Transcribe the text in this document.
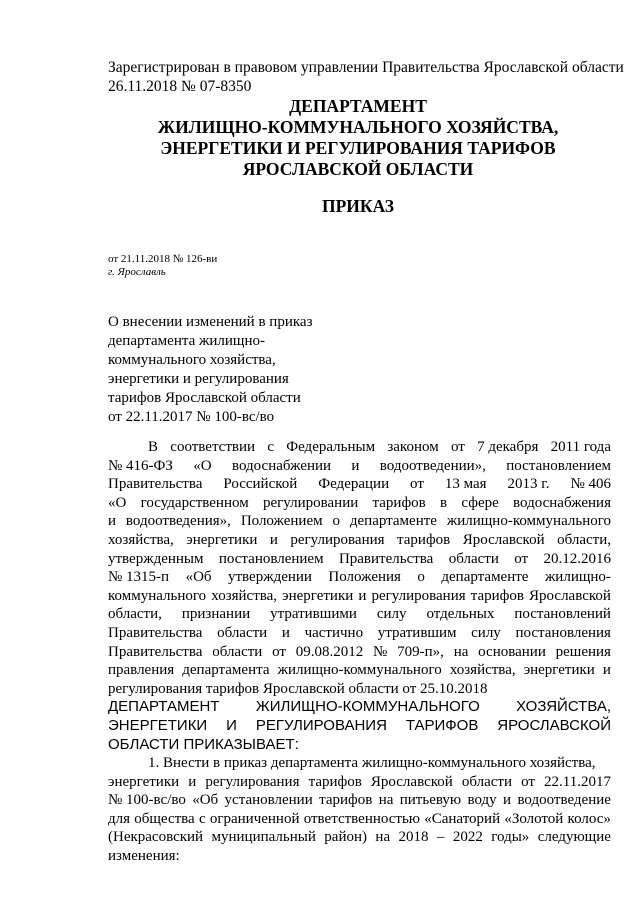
Зарегистрирован в правовом управлении Правительства Ярославской области
26.11.2018 № 07-8350
ДЕПАРТАМЕНТ
ЖИЛИЩНО-КОММУНАЛЬНОГО ХОЗЯЙСТВА,
ЭНЕРГЕТИКИ И РЕГУЛИРОВАНИЯ ТАРИФОВ
ЯРОСЛАВСКОЙ ОБЛАСТИ
ПРИКАЗ
от 21.11.2018 № 126-ви
г. Ярославль
О внесении изменений в приказ
департамента жилищно-
коммунального хозяйства,
энергетики и регулирования
тарифов Ярославской области
от 22.11.2017 № 100-вс/во
В соответствии с Федеральным законом от 7 декабря 2011 года
№ 416-ФЗ «О водоснабжении и водоотведении», постановлением
Правительства Российской Федерации от 13 мая 2013 г. № 406
«О государственном регулировании тарифов в сфере водоснабжения
и водоотведения», Положением о департаменте жилищно-коммунального
хозяйства, энергетики и регулирования тарифов Ярославской области,
утвержденным постановлением Правительства области от 20.12.2016
№ 1315-п «Об утверждении Положения о департаменте жилищно-
коммунального хозяйства, энергетики и регулирования тарифов Ярославской
области, признании утратившими силу отдельных постановлений
Правительства области и частично утратившим силу постановления
Правительства области от 09.08.2012 № 709-п», на основании решения
правления департамента жилищно-коммунального хозяйства, энергетики и
регулирования тарифов Ярославской области от 25.10.2018
ДЕПАРТАМЕНТ ЖИЛИЩНО-КОММУНАЛЬНОГО ХОЗЯЙСТВА,
ЭНЕРГЕТИКИ И РЕГУЛИРОВАНИЯ ТАРИФОВ ЯРОСЛАВСКОЙ
ОБЛАСТИ ПРИКАЗЫВАЕТ:
1. Внести в приказ департамента жилищно-коммунального хозяйства,
энергетики и регулирования тарифов Ярославской области от 22.11.2017
№ 100-вс/во «Об установлении тарифов на питьевую воду и водоотведение
для общества с ограниченной ответственностью «Санаторий «Золотой колос»
(Некрасовский муниципальный район) на 2018 – 2022 годы» следующие
изменения:
